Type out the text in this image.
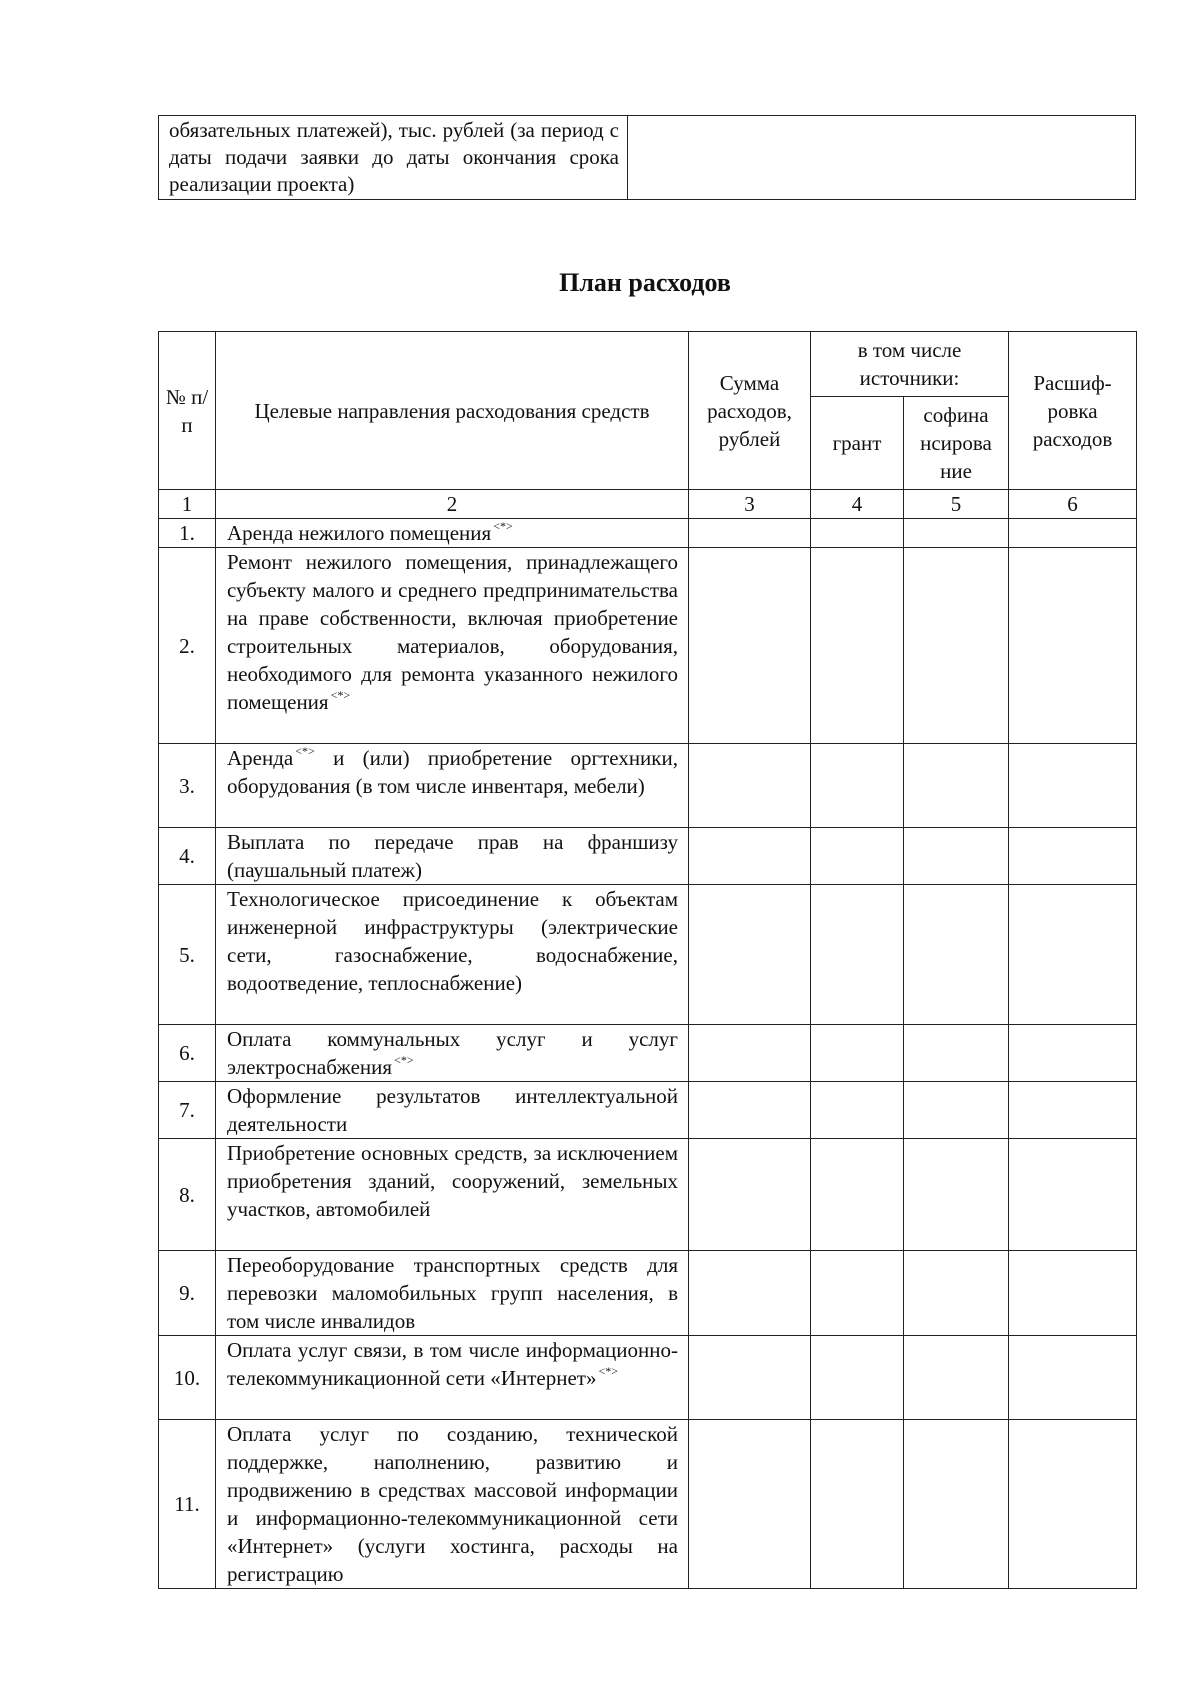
обязательных платежей), тыс. рублей (за период с даты подачи заявки до даты окончания срока реализации проекта)

План расходов
№ п/п	Целевые направления расходования средств	Сумма расходов, рублей	в том числе источники:		Расшиф- ровка расходов
			грант	софина нсирова ние	
1	2	3	4	5	6
1.	Аренда нежилого помещения <*>				
2.	Ремонт нежилого помещения, принадлежащего субъекту малого и среднего предпринимательства на праве собственности, включая приобретение строительных материалов, оборудования, необходимого для ремонта указанного нежилого помещения <*>				
3.	Аренда <*> и (или) приобретение оргтехники, оборудования (в том числе инвентаря, мебели)				
4.	Выплата по передаче прав на франшизу (паушальный платеж)				
5.	Технологическое присоединение к объектам инженерной инфраструктуры (электрические сети, газоснабжение, водоснабжение, водоотведение, теплоснабжение)				
6.	Оплата коммунальных услуг и услуг электроснабжения <*>				
7.	Оформление результатов интеллектуальной деятельности				
8.	Приобретение основных средств, за исключением приобретения зданий, сооружений, земельных участков, автомобилей				
9.	Переоборудование транспортных средств для перевозки маломобильных групп населения, в том числе инвалидов				
10.	Оплата услуг связи, в том числе информационно-телекоммуникационной сети «Интернет» <*>				
11.	Оплата услуг по созданию, технической поддержке, наполнению, развитию и продвижению в средствах массовой информации и информационно-телекоммуникационной сети «Интернет» (услуги хостинга, расходы на регистрацию				
